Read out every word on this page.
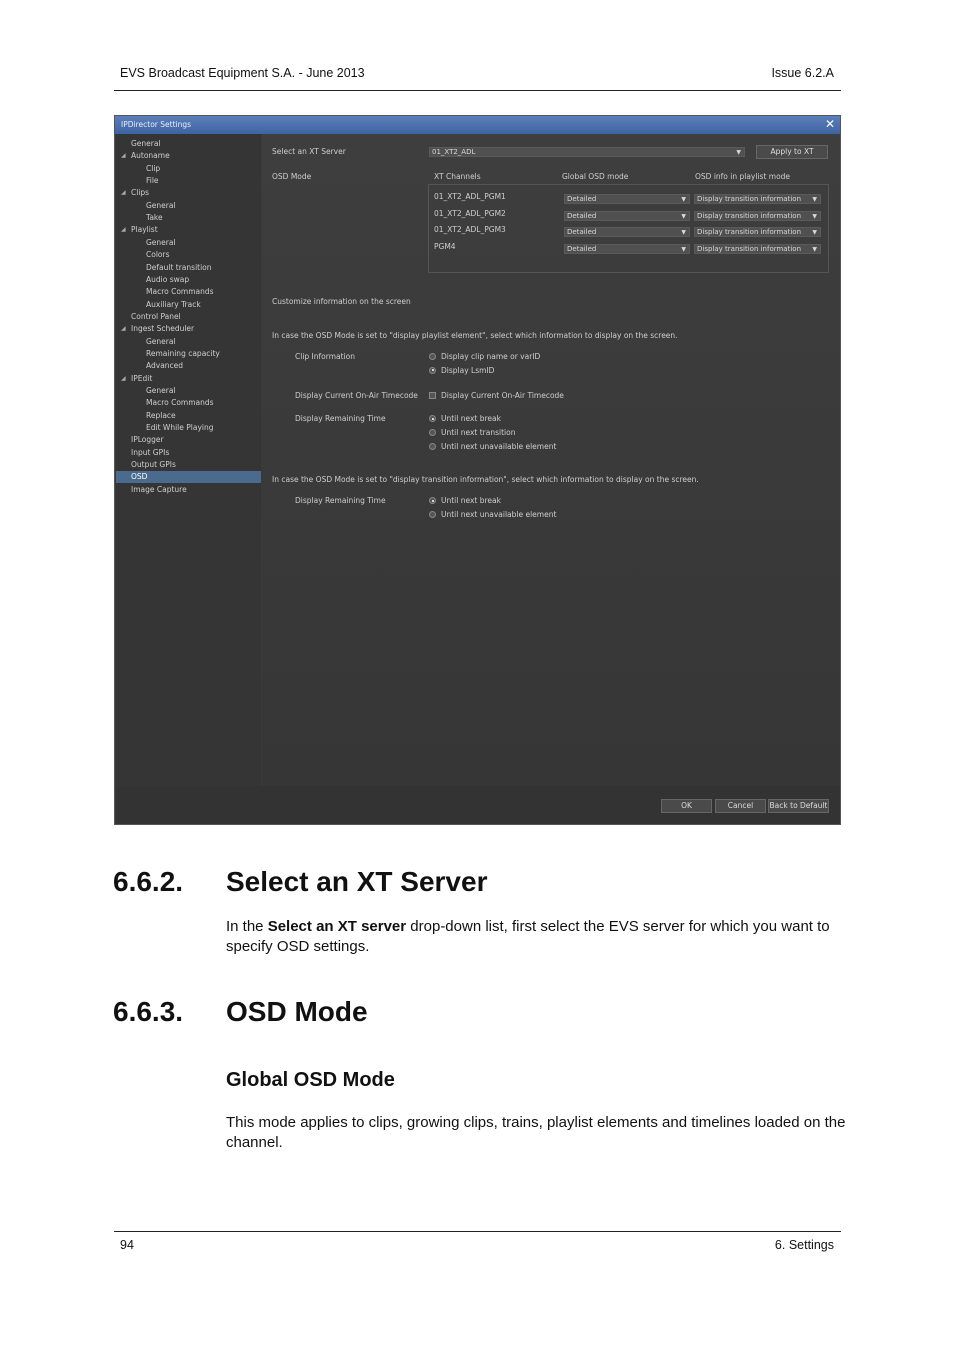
EVS Broadcast Equipment S.A. - June 2013	Issue 6.2.A
IPDirector Settings	✕
General
◢ Autoname
Clip
File
◢ Clips
General
Take
◢ Playlist
General
Colors
Default transition
Audio swap
Macro Commands
Auxiliary Track
Control Panel
◢ Ingest Scheduler
General
Remaining capacity
Advanced
◢ IPEdit
General
Macro Commands
Replace
Edit While Playing
IPLogger
Input GPIs
Output GPIs
OSD
Image Capture
Select an XT Server	01_XT2_ADL	▼	Apply to XT
OSD Mode	XT Channels	Global OSD mode	OSD info in playlist mode
01_XT2_ADL_PGM1	Detailed	▼	Display transition information ▼
01_XT2_ADL_PGM2	Detailed	▼	Display transition information ▼
01_XT2_ADL_PGM3	Detailed	▼	Display transition information ▼
PGM4	Detailed	▼	Display transition information ▼
Customize information on the screen
In case the OSD Mode is set to "display playlist element", select which information to display on the screen.
Clip Information	Display clip name or varID
Display LsmID
Display Current On-Air Timecode	Display Current On-Air Timecode
Display Remaining Time	Until next break
Until next transition
Until next unavailable element
In case the OSD Mode is set to "display transition information", select which information to display on the screen.
Display Remaining Time	Until next break
Until next unavailable element
OK	Cancel	Back to Default
6.6.2. Select an XT Server

In the Select an XT server drop-down list, first select the EVS server for which you want to specify OSD settings.

6.6.3. OSD Mode
Global OSD Mode

This mode applies to clips, growing clips, trains, playlist elements and timelines loaded on the channel.

94	6. Settings
